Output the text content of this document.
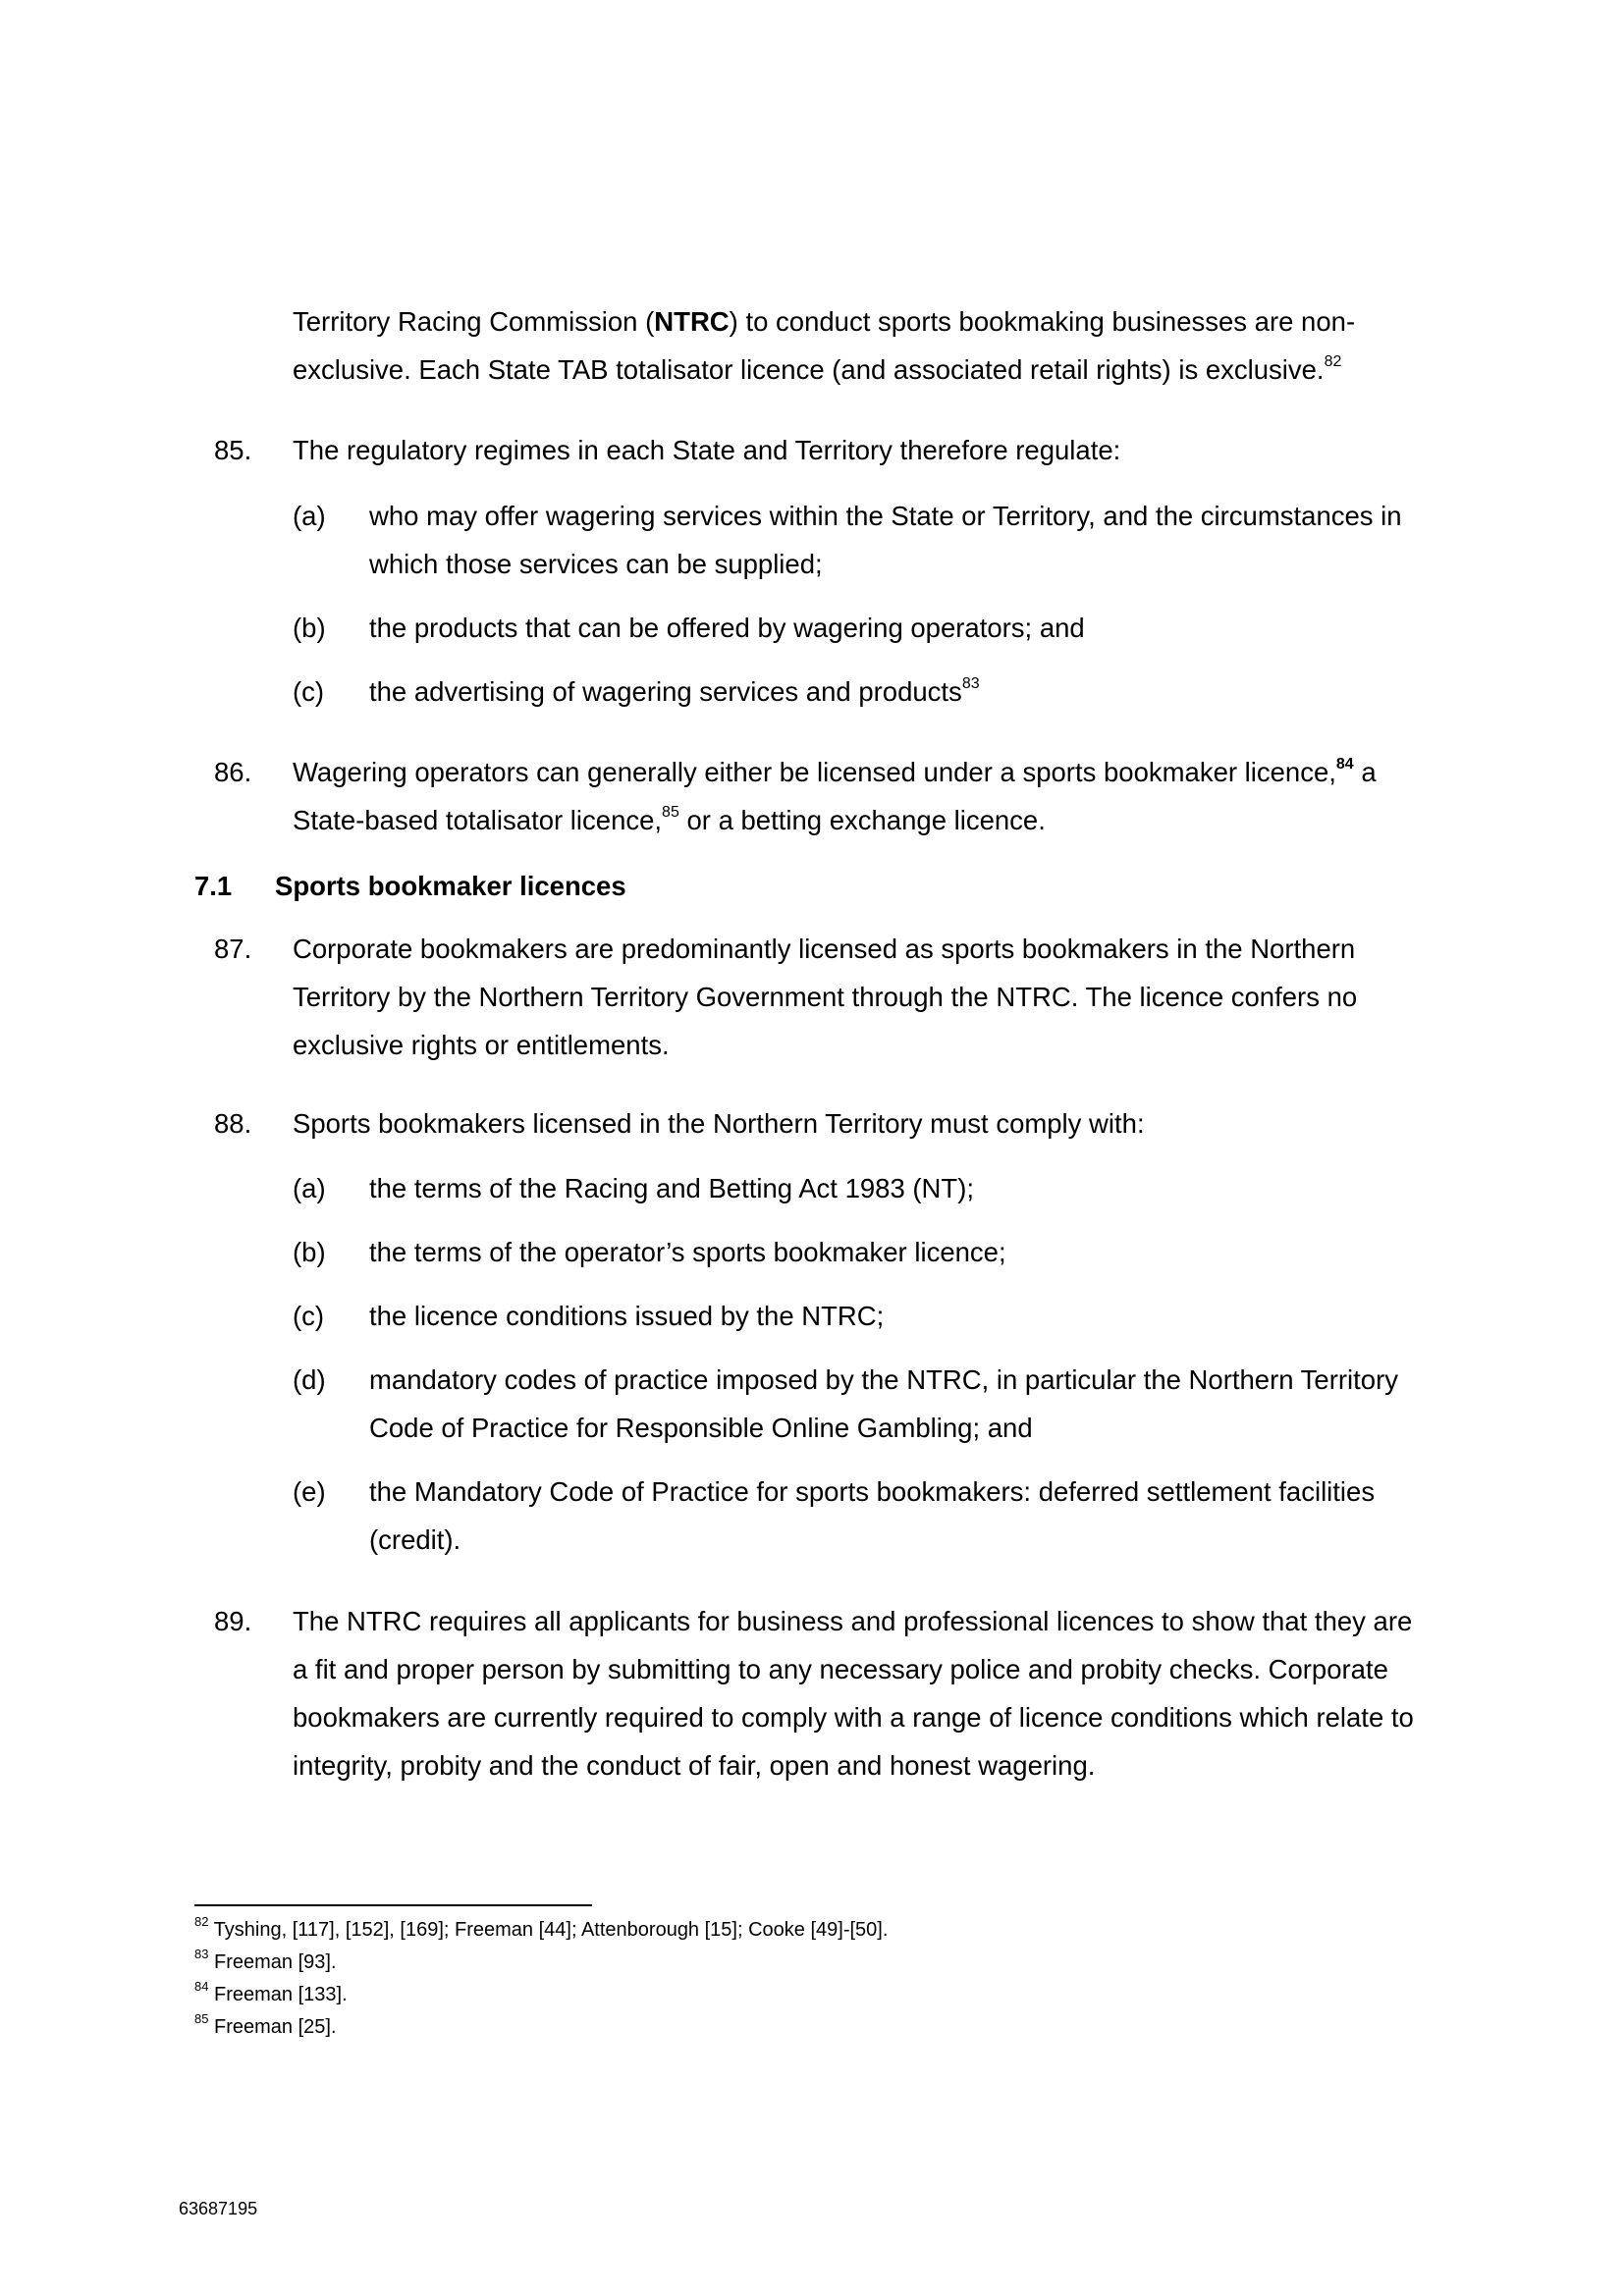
Territory Racing Commission (NTRC) to conduct sports bookmaking businesses are non-
exclusive. Each State TAB totalisator licence (and associated retail rights) is exclusive.$^{82}$
85. The regulatory regimes in each State and Territory therefore regulate:
(a) who may offer wagering services within the State or Territory, and the circumstances in
which those services can be supplied;
(b) the products that can be offered by wagering operators; and
(c) the advertising of wagering services and products$^{83}$
86. Wagering operators can generally either be licensed under a sports bookmaker licence,$^{84}$ a
State-based totalisator licence,$^{85}$ or a betting exchange licence.
7.1 Sports bookmaker licences
87. Corporate bookmakers are predominantly licensed as sports bookmakers in the Northern
Territory by the Northern Territory Government through the NTRC. The licence confers no
exclusive rights or entitlements.
88. Sports bookmakers licensed in the Northern Territory must comply with:
(a) the terms of the Racing and Betting Act 1983 (NT);
(b) the terms of the operator’s sports bookmaker licence;
(c) the licence conditions issued by the NTRC;
(d) mandatory codes of practice imposed by the NTRC, in particular the Northern Territory
Code of Practice for Responsible Online Gambling; and
(e) the Mandatory Code of Practice for sports bookmakers: deferred settlement facilities
(credit).
89. The NTRC requires all applicants for business and professional licences to show that they are
a fit and proper person by submitting to any necessary police and probity checks. Corporate
bookmakers are currently required to comply with a range of licence conditions which relate to
integrity, probity and the conduct of fair, open and honest wagering.
$^{82}$ Tyshing, [117], [152], [169]; Freeman [44]; Attenborough [15]; Cooke [49]-[50].
$^{83}$ Freeman [93].
$^{84}$ Freeman [133].
$^{85}$ Freeman [25].
63687195
